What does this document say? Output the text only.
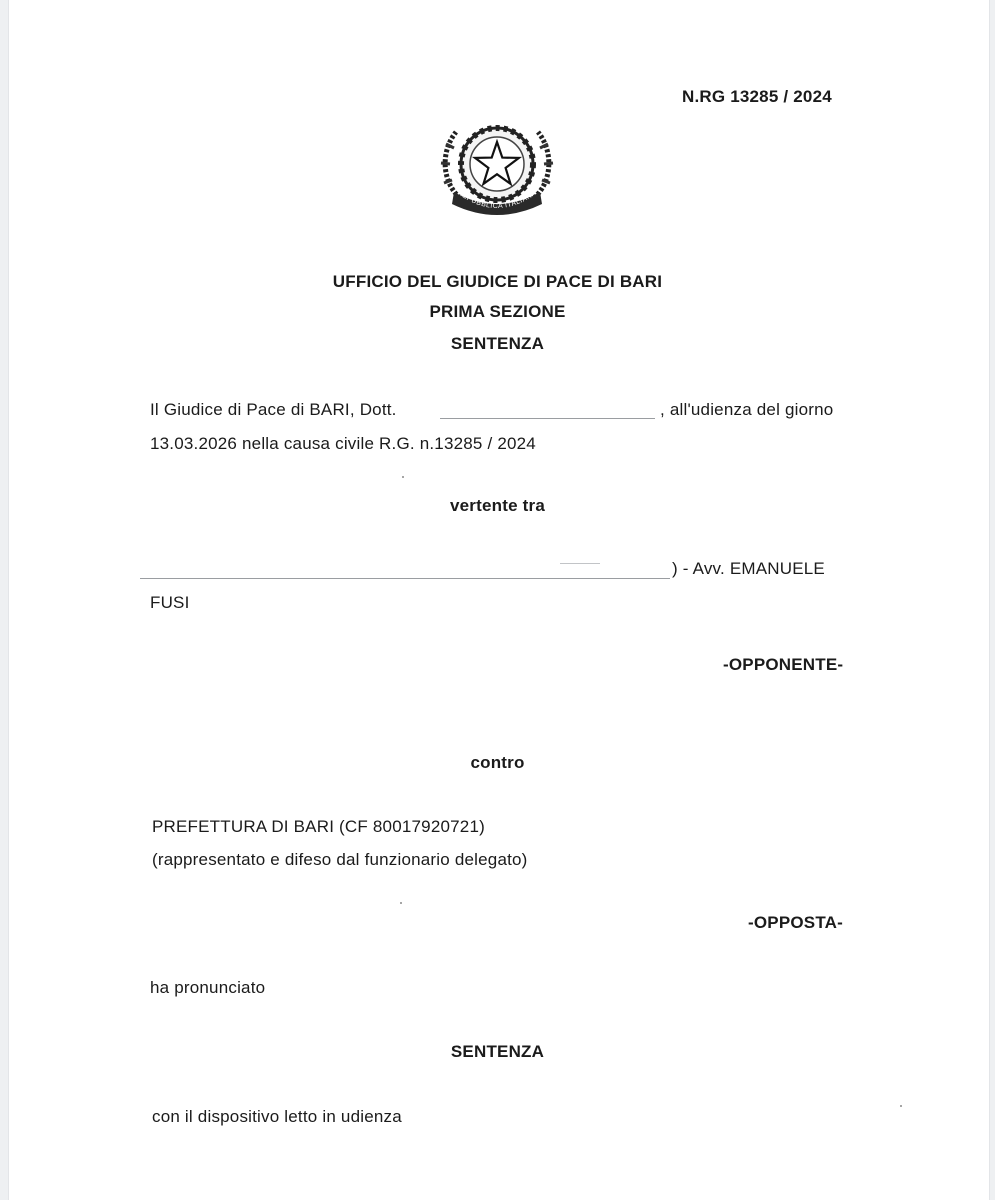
N.RG 13285 / 2024
REPUBBLICA ITALIANA
UFFICIO DEL GIUDICE DI PACE DI BARI
PRIMA SEZIONE
SENTENZA
Il Giudice di Pace di BARI, Dott.	, all'udienza del giorno
13.03.2026 nella causa civile R.G. n.13285 / 2024
vertente tra
) - Avv. EMANUELE
FUSI
-OPPONENTE-
contro
PREFETTURA DI BARI (CF 80017920721)
(rappresentato e difeso dal funzionario delegato)
-OPPOSTA-
ha pronunciato
SENTENZA
con il dispositivo letto in udienza
